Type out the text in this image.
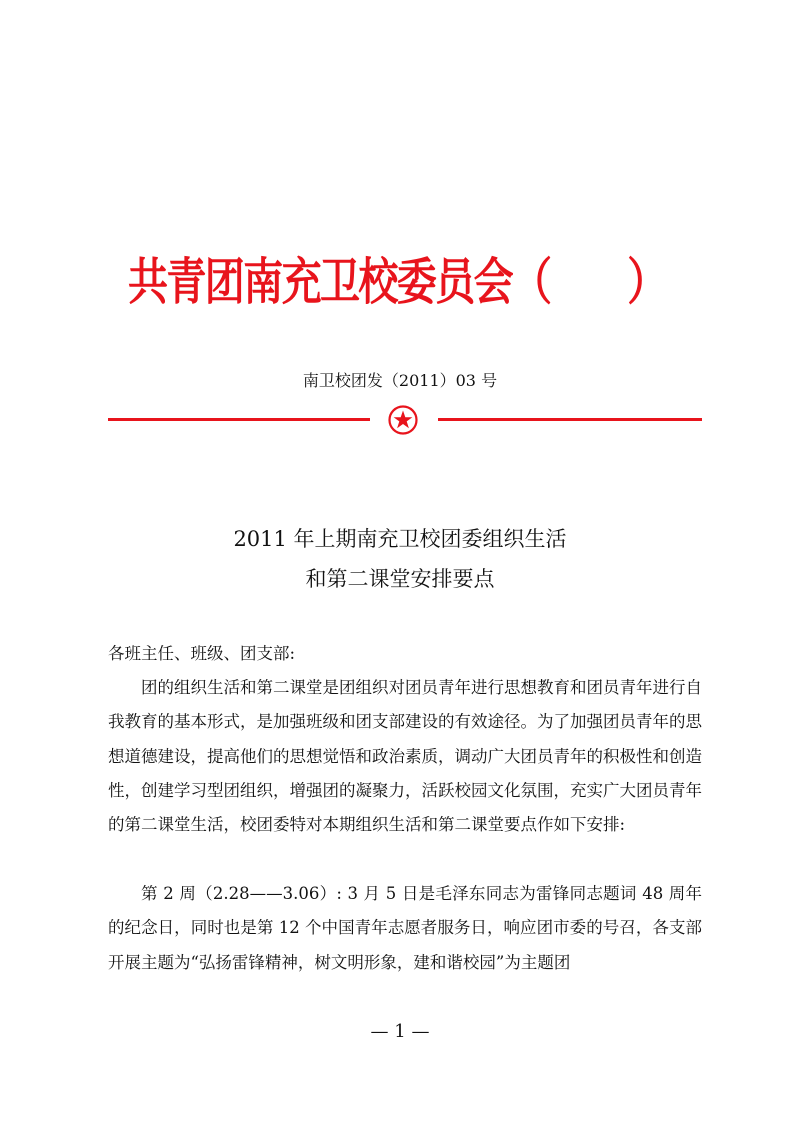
共青团南充卫校委员会（　　）
南卫校团发（2011）03 号
2011 年上期南充卫校团委组织生活
和第二课堂安排要点
各班主任、班级、团支部:

团的组织生活和第二课堂是团组织对团员青年进行思想教育和团员青年进行自我教育的基本形式，是加强班级和团支部建设的有效途径。为了加强团员青年的思想道德建设，提高他们的思想觉悟和政治素质，调动广大团员青年的积极性和创造性，创建学习型团组织，增强团的凝聚力，活跃校园文化氛围，充实广大团员青年的第二课堂生活，校团委特对本期组织生活和第二课堂要点作如下安排:

第 2 周（2.28——3.06）: 3 月 5 日是毛泽东同志为雷锋同志题词 48 周年的纪念日，同时也是第 12 个中国青年志愿者服务日，响应团市委的号召，各支部开展主题为“弘扬雷锋精神，树文明形象，建和谐校园”为主题团

— 1 —
